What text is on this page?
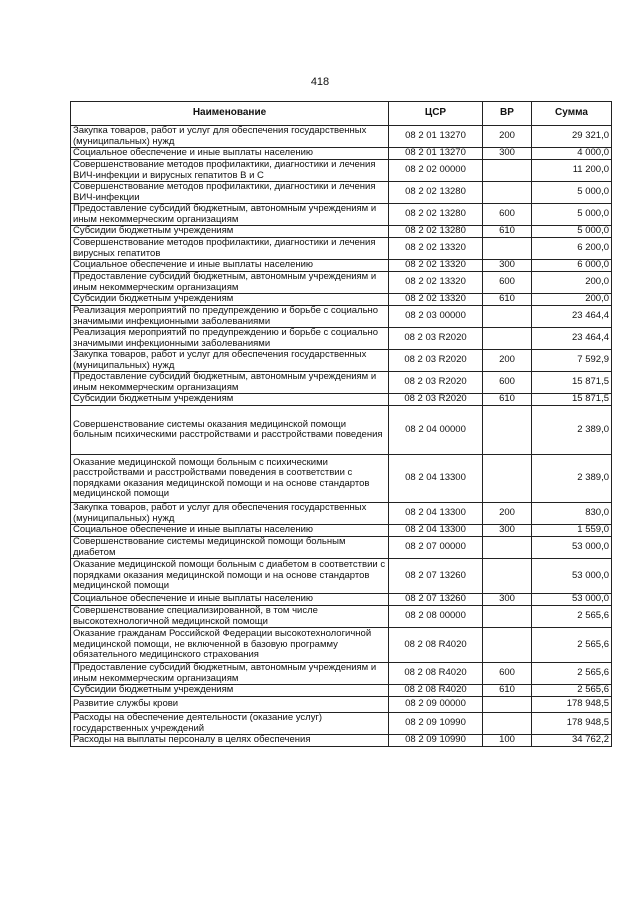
418
Наименование	ЦСР	ВР	Сумма
Закупка товаров, работ и услуг для обеспечения государственных (муниципальных) нужд	08 2 01 13270	200	29 321,0
Социальное обеспечение и иные выплаты населению	08 2 01 13270	300	4 000,0
Совершенствование методов профилактики, диагностики и лечения ВИЧ-инфекции и вирусных гепатитов В и С	08 2 02 00000		11 200,0
Совершенствование методов профилактики, диагностики и лечения ВИЧ-инфекции	08 2 02 13280		5 000,0
Предоставление субсидий бюджетным, автономным учреждениям и иным некоммерческим организациям	08 2 02 13280	600	5 000,0
Субсидии бюджетным учреждениям	08 2 02 13280	610	5 000,0
Совершенствование методов профилактики, диагностики и лечения вирусных гепатитов	08 2 02 13320		6 200,0
Социальное обеспечение и иные выплаты населению	08 2 02 13320	300	6 000,0
Предоставление субсидий бюджетным, автономным учреждениям и иным некоммерческим организациям	08 2 02 13320	600	200,0
Субсидии бюджетным учреждениям	08 2 02 13320	610	200,0
Реализация мероприятий по предупреждению и борьбе с социально значимыми инфекционными заболеваниями	08 2 03 00000		23 464,4
Реализация мероприятий по предупреждению и борьбе с социально значимыми инфекционными заболеваниями	08 2 03 R2020		23 464,4
Закупка товаров, работ и услуг для обеспечения государственных (муниципальных) нужд	08 2 03 R2020	200	7 592,9
Предоставление субсидий бюджетным, автономным учреждениям и иным некоммерческим организациям	08 2 03 R2020	600	15 871,5
Субсидии бюджетным учреждениям	08 2 03 R2020	610	15 871,5
Совершенствование системы оказания медицинской помощи больным психическими расстройствами и расстройствами поведения	08 2 04 00000		2 389,0
Оказание медицинской помощи больным с психическими расстройствами и расстройствами поведения в соответствии с порядками оказания медицинской помощи и на основе стандартов медицинской помощи	08 2 04 13300		2 389,0
Закупка товаров, работ и услуг для обеспечения государственных (муниципальных) нужд	08 2 04 13300	200	830,0
Социальное обеспечение и иные выплаты населению	08 2 04 13300	300	1 559,0
Совершенствование системы медицинской помощи больным диабетом	08 2 07 00000		53 000,0
Оказание медицинской помощи больным с диабетом в соответствии с порядками оказания медицинской помощи и на основе стандартов медицинской помощи	08 2 07 13260		53 000,0
Социальное обеспечение и иные выплаты населению	08 2 07 13260	300	53 000,0
Совершенствование специализированной, в том числе высокотехнологичной медицинской помощи	08 2 08 00000		2 565,6
Оказание гражданам Российской Федерации высокотехнологичной медицинской помощи, не включенной в базовую программу обязательного медицинского страхования	08 2 08 R4020		2 565,6
Предоставление субсидий бюджетным, автономным учреждениям и иным некоммерческим организациям	08 2 08 R4020	600	2 565,6
Субсидии бюджетным учреждениям	08 2 08 R4020	610	2 565,6
Развитие службы крови	08 2 09 00000		178 948,5
Расходы на обеспечение деятельности (оказание услуг) государственных учреждений	08 2 09 10990		178 948,5
Расходы на выплаты персоналу в целях обеспечения	08 2 09 10990	100	34 762,2
